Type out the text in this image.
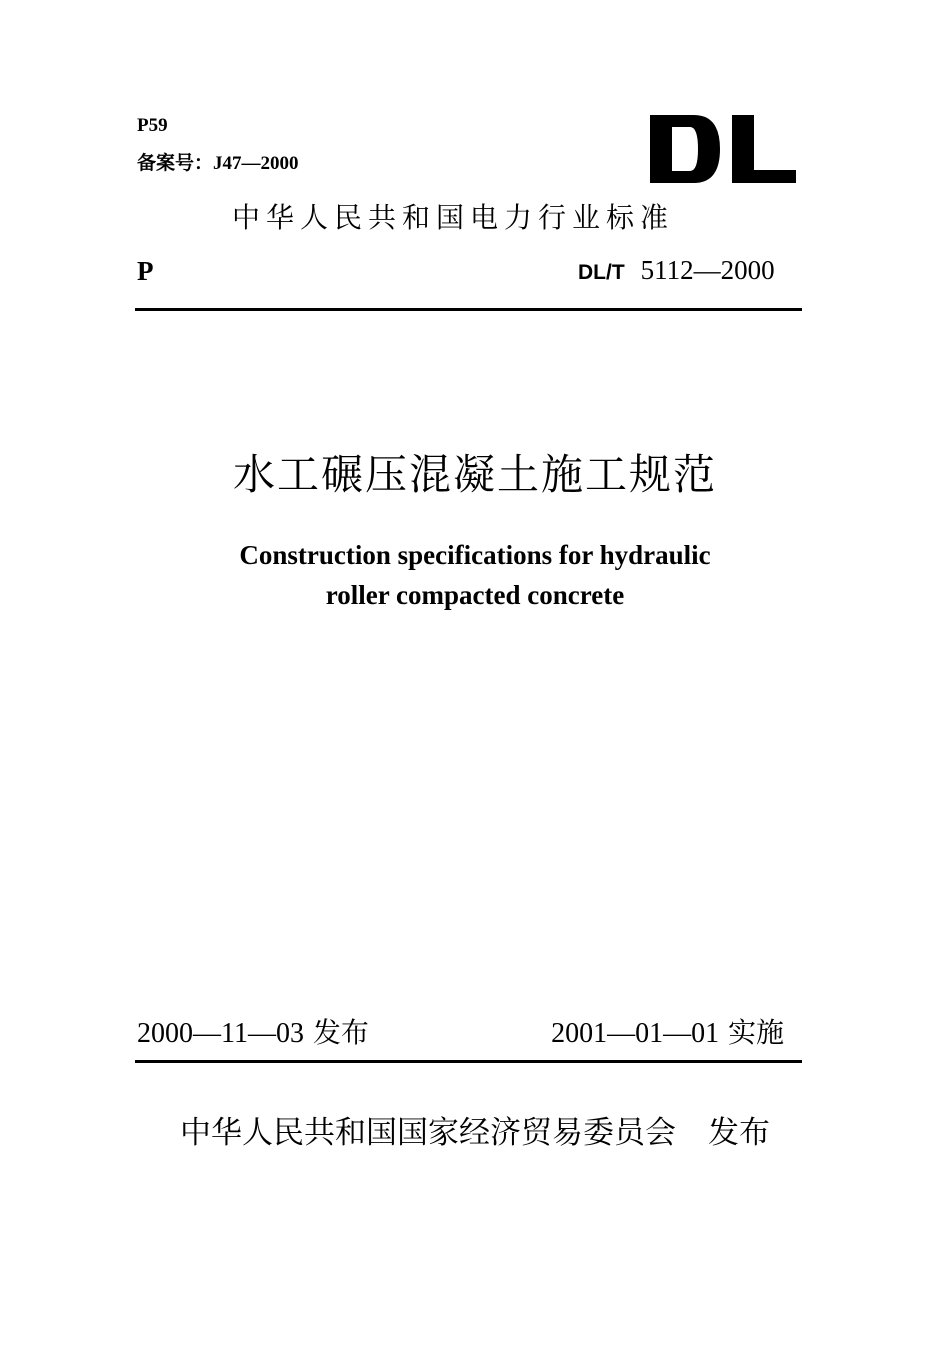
P59
备案号：J47—2000
中华人民共和国电力行业标准
P	DL/T 5112—2000
水工碾压混凝土施工规范
Construction specifications for hydraulic
roller compacted concrete
2000—11—03 发布	2001—01—01 实施
中华人民共和国国家经济贸易委员会 发布
